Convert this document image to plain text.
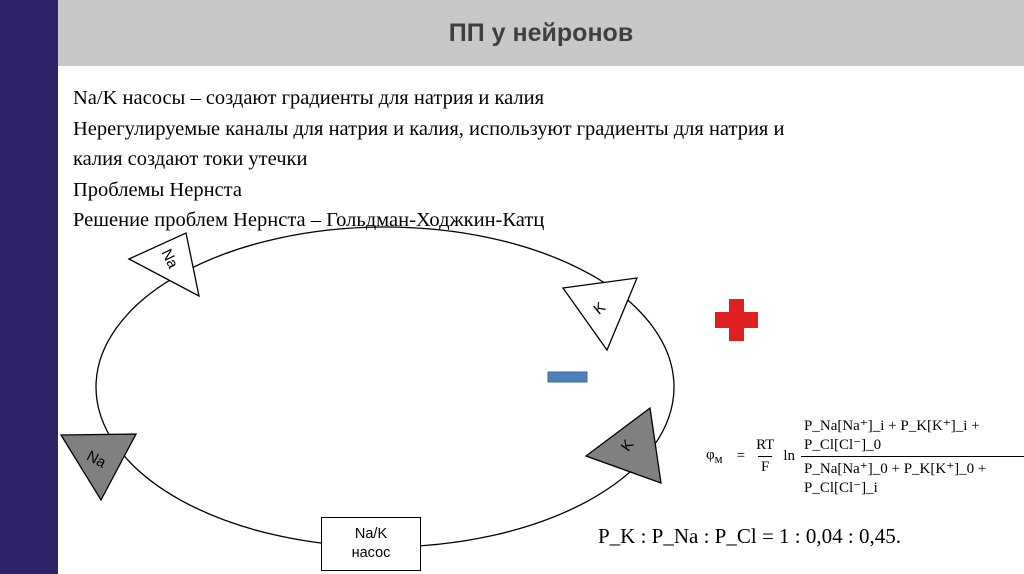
ПП у нейронов
Na/K насосы – создают градиенты для натрия и калия
Нерегулируемые каналы для натрия и калия, используют градиенты для натрия и
калия создают токи утечки
Проблемы Нернста
Решение проблем Нернста – Гольдман-Ходжкин-Катц
Na
K
Na
K
Na/K
насос
$\varphi_м = \frac{RT}{F}$ $\ln \frac{P\_Na[Na^+]\_i + P\_K[K^+]\_i + P\_Cl[Cl^-]\_0}{P\_Na[Na^+]\_0 + P\_K[K^+]\_0 + P\_Cl[Cl^-]\_i}$
P_K : P_Na : P_Cl = 1 : 0,04 : 0,45.
